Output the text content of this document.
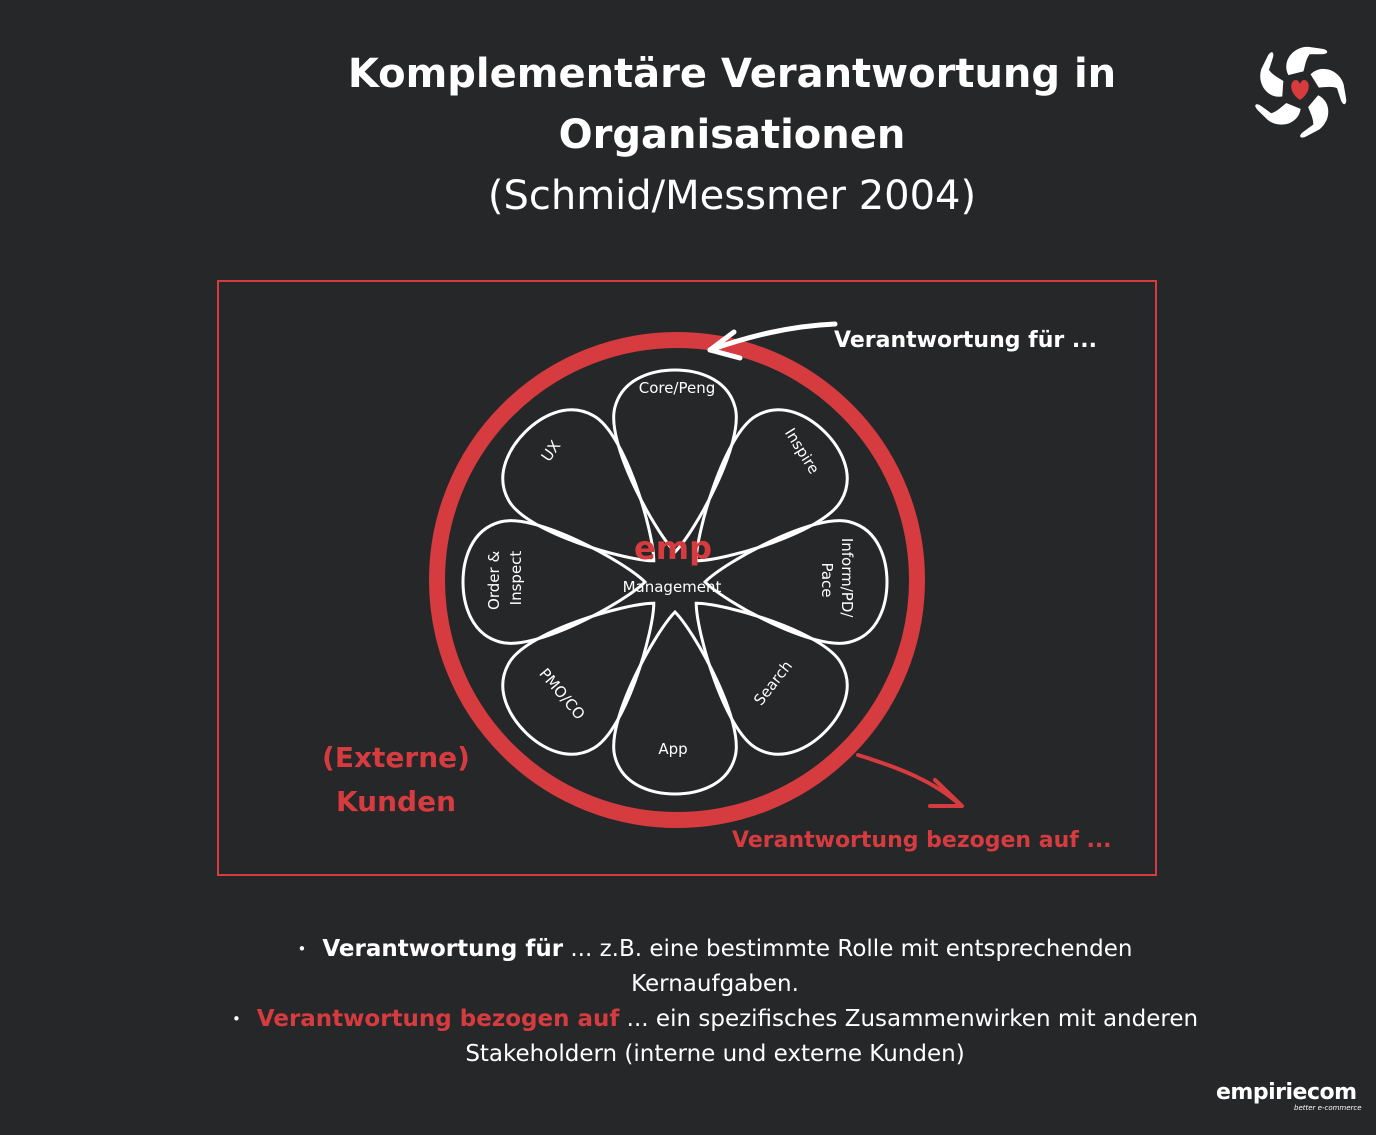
Komplementäre Verantwortung in
Organisationen
(Schmid/Messmer 2004)
Core/Peng
Inspire
Inform/PD/ Pace
Search
App
PMO/CO
Order & Inspect
UX
emp
Management
Verantwortung für ...
Verantwortung bezogen auf ...
(Externe)
Kunden
• Verantwortung für ... z.B. eine bestimmte Rolle mit entsprechenden
Kernaufgaben.
• Verantwortung bezogen auf ... ein spezifisches Zusammenwirken mit anderen
Stakeholdern (interne und externe Kunden)
empiriecom
better e-commerce
